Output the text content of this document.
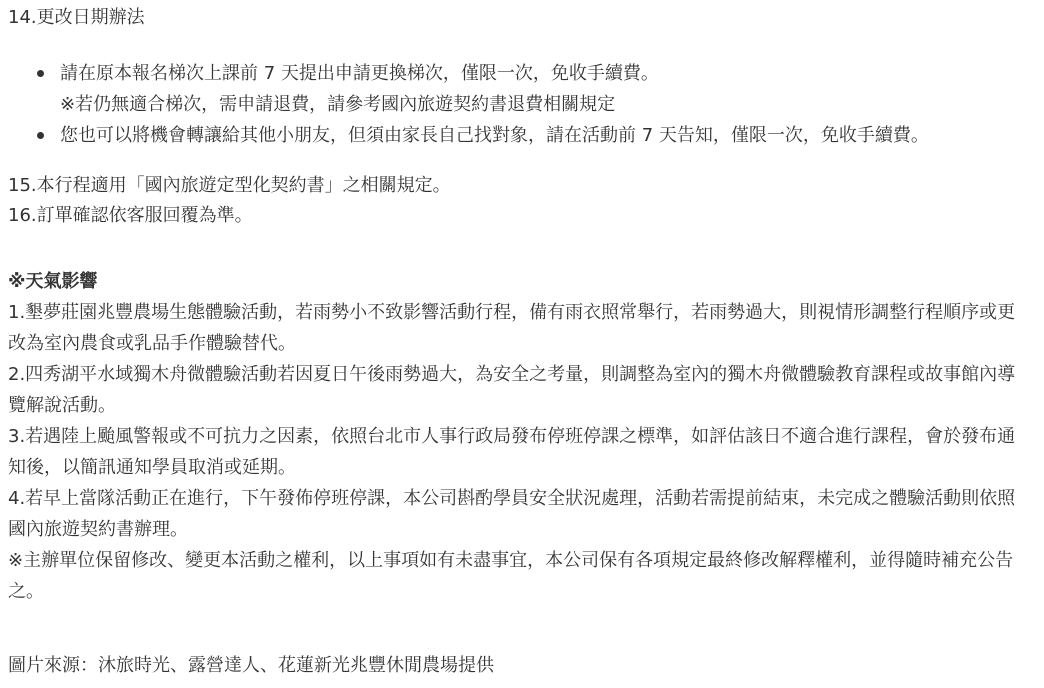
14.更改日期辦法
請在原本報名梯次上課前 7 天提出申請更換梯次，僅限一次，免收手續費。
※若仍無適合梯次，需申請退費，請參考國內旅遊契約書退費相關規定
您也可以將機會轉讓給其他小朋友，但須由家長自己找對象，請在活動前 7 天告知，僅限一次，免收手續費。
15.本行程適用「國內旅遊定型化契約書」之相關規定。
16.訂單確認依客服回覆為準。
※天氣影響
1.墾夢莊園兆豐農場生態體驗活動，若雨勢小不致影響活動行程，備有雨衣照常舉行，若雨勢過大，則視情形調整行程順序或更改為室內農食或乳品手作體驗替代。
2.四秀湖平水域獨木舟微體驗活動若因夏日午後雨勢過大，為安全之考量，則調整為室內的獨木舟微體驗教育課程或故事館內導覽解說活動。
3.若遇陸上颱風警報或不可抗力之因素，依照台北市人事行政局發布停班停課之標準，如評估該日不適合進行課程，會於發布通知後，以簡訊通知學員取消或延期。
4.若早上當隊活動正在進行，下午發佈停班停課，本公司斟酌學員安全狀況處理，活動若需提前結束，未完成之體驗活動則依照國內旅遊契約書辦理。
※主辦單位保留修改、變更本活動之權利，以上事項如有未盡事宜，本公司保有各項規定最終修改解釋權利，並得隨時補充公告之。
圖片來源：沐旅時光、露營達人、花蓮新光兆豐休閒農場提供
